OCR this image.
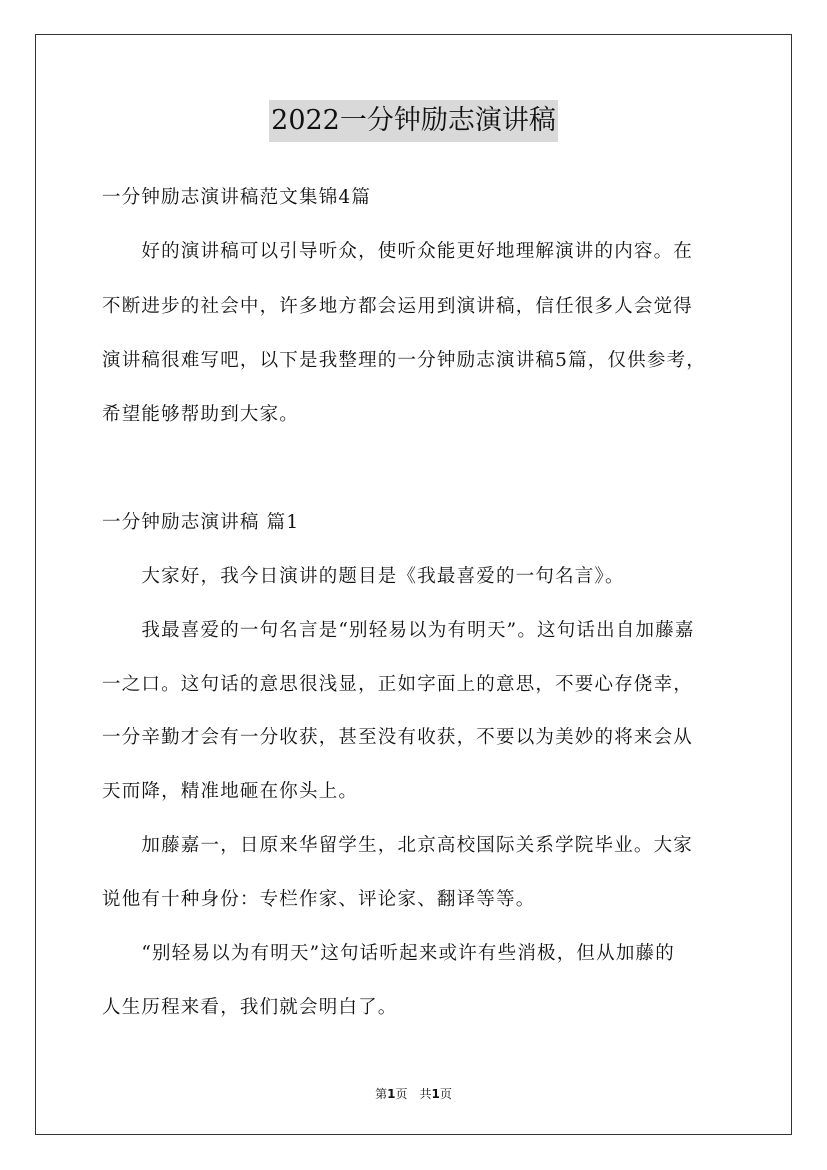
2022一分钟励志演讲稿
一分钟励志演讲稿范文集锦4篇
　　好的演讲稿可以引导听众，使听众能更好地理解演讲的内容。在
不断进步的社会中，许多地方都会运用到演讲稿，信任很多人会觉得
演讲稿很难写吧，以下是我整理的一分钟励志演讲稿5篇，仅供参考，
希望能够帮助到大家。
一分钟励志演讲稿 篇1
　　大家好，我今日演讲的题目是《我最喜爱的一句名言》。
　　我最喜爱的一句名言是“别轻易以为有明天”。这句话出自加藤嘉
一之口。这句话的意思很浅显，正如字面上的意思，不要心存侥幸，
一分辛勤才会有一分收获，甚至没有收获，不要以为美妙的将来会从
天而降，精准地砸在你头上。
　　加藤嘉一，日原来华留学生，北京高校国际关系学院毕业。大家
说他有十种身份：专栏作家、评论家、翻译等等。
　　“别轻易以为有明天”这句话听起来或许有些消极，但从加藤的
人生历程来看，我们就会明白了。
第1页　共1页
